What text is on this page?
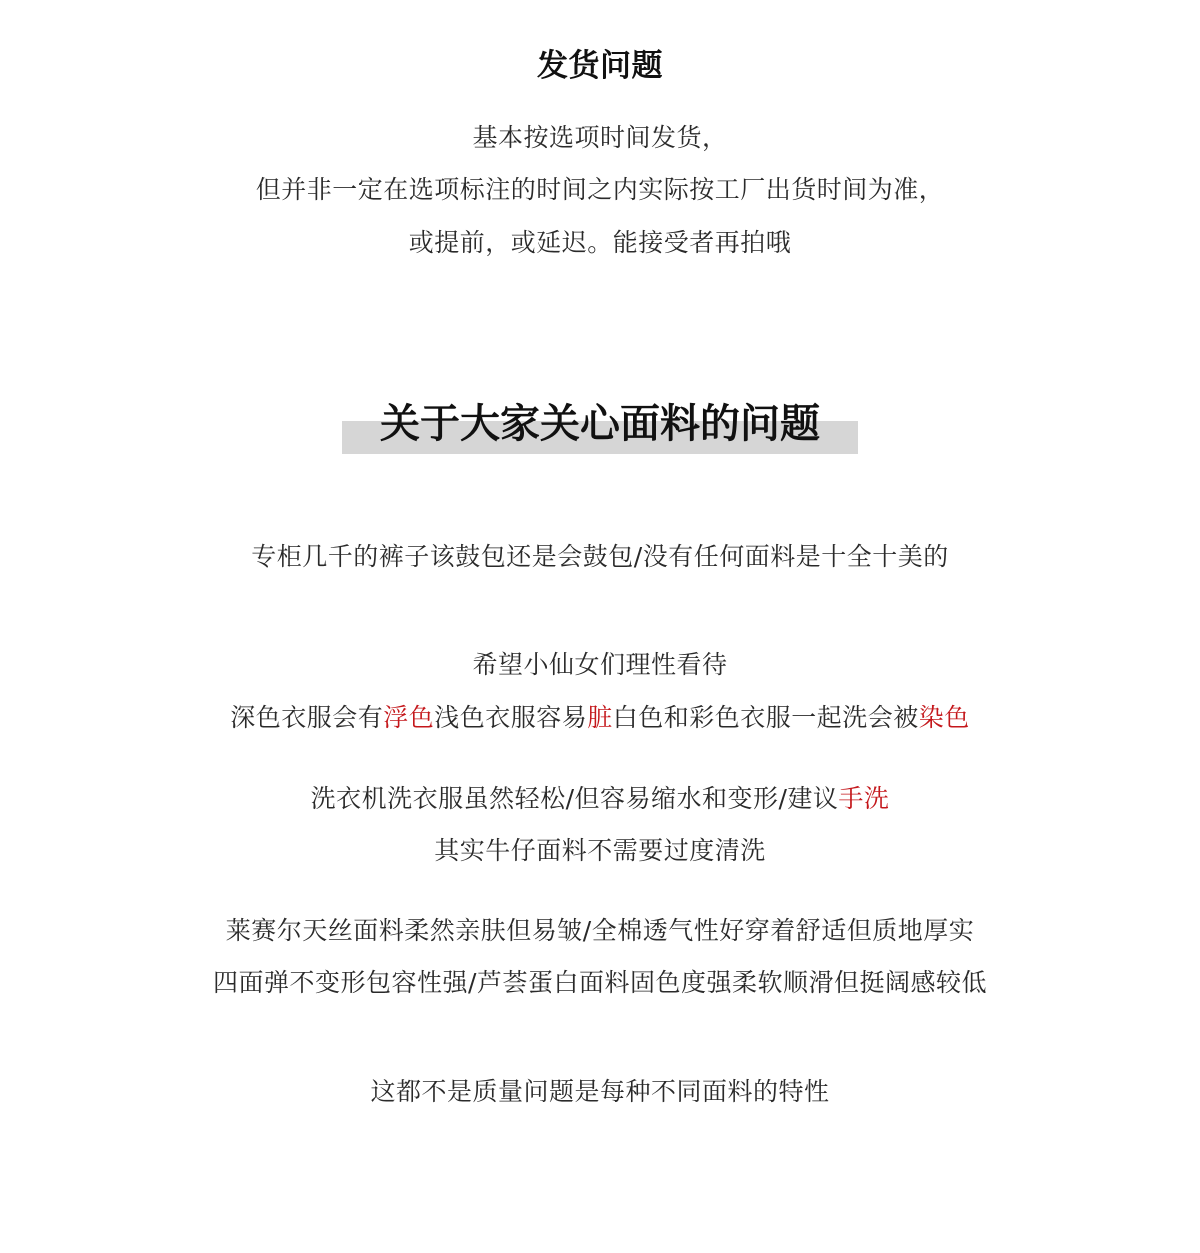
发货问题
基本按选项时间发货，
但并非一定在选项标注的时间之内实际按工厂出货时间为准，
或提前，或延迟。能接受者再拍哦
关于大家关心面料的问题
专柜几千的裤子该鼓包还是会鼓包/没有任何面料是十全十美的
希望小仙女们理性看待
深色衣服会有浮色浅色衣服容易脏白色和彩色衣服一起洗会被染色
洗衣机洗衣服虽然轻松/但容易缩水和变形/建议手洗
其实牛仔面料不需要过度清洗
莱赛尔天丝面料柔然亲肤但易皱/全棉透气性好穿着舒适但质地厚实
四面弹不变形包容性强/芦荟蛋白面料固色度强柔软顺滑但挺阔感较低
这都不是质量问题是每种不同面料的特性
